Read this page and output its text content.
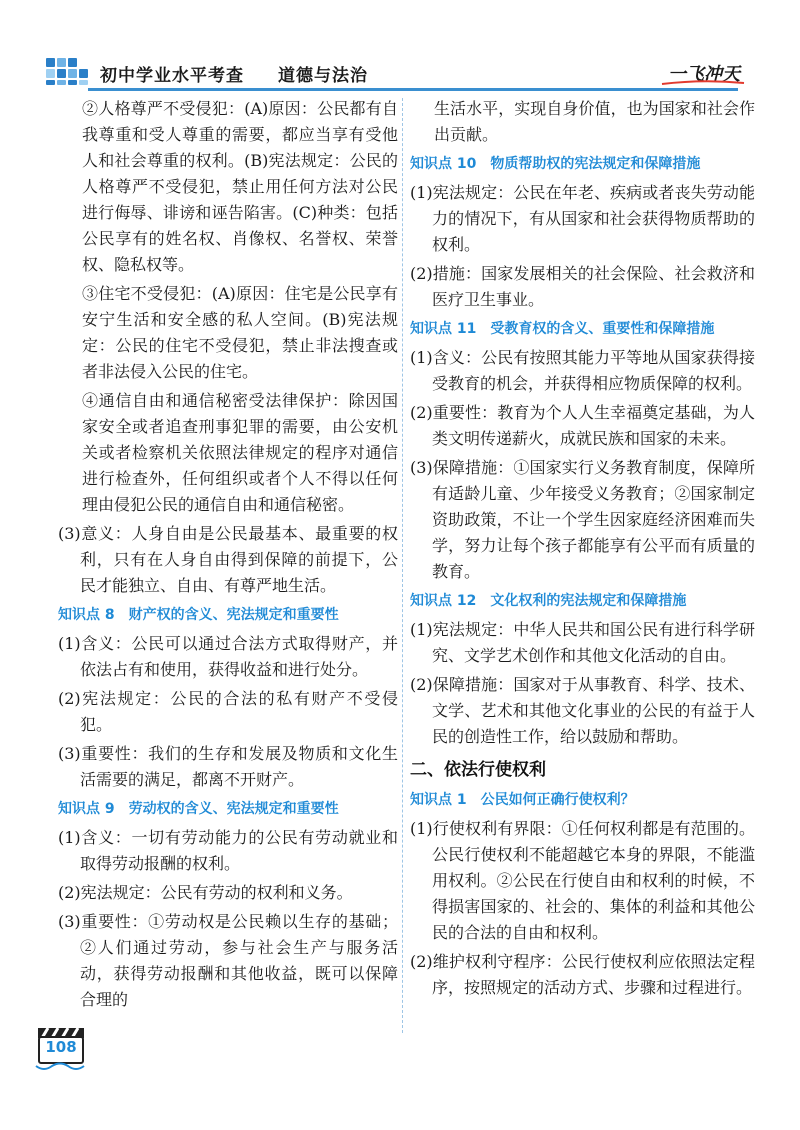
初中学业水平考查 道德与法治	一飞冲天

②人格尊严不受侵犯：(A)原因：公民都有自我尊重和受人尊重的需要，都应当享有受他人和社会尊重的权利。(B)宪法规定：公民的人格尊严不受侵犯，禁止用任何方法对公民进行侮辱、诽谤和诬告陷害。(C)种类：包括公民享有的姓名权、肖像权、名誉权、荣誉权、隐私权等。

③住宅不受侵犯：(A)原因：住宅是公民享有安宁生活和安全感的私人空间。(B)宪法规定：公民的住宅不受侵犯，禁止非法搜查或者非法侵入公民的住宅。

④通信自由和通信秘密受法律保护：除因国家安全或者追查刑事犯罪的需要，由公安机关或者检察机关依照法律规定的程序对通信进行检查外，任何组织或者个人不得以任何理由侵犯公民的通信自由和通信秘密。

(3)意义：人身自由是公民最基本、最重要的权利，只有在人身自由得到保障的前提下，公民才能独立、自由、有尊严地生活。

知识点 8 财产权的含义、宪法规定和重要性

(1)含义：公民可以通过合法方式取得财产，并依法占有和使用，获得收益和进行处分。

(2)宪法规定：公民的合法的私有财产不受侵犯。

(3)重要性：我们的生存和发展及物质和文化生活需要的满足，都离不开财产。

知识点 9 劳动权的含义、宪法规定和重要性

(1)含义：一切有劳动能力的公民有劳动就业和取得劳动报酬的权利。

(2)宪法规定：公民有劳动的权利和义务。

(3)重要性：①劳动权是公民赖以生存的基础；②人们通过劳动，参与社会生产与服务活动，获得劳动报酬和其他收益，既可以保障合理的

生活水平，实现自身价值，也为国家和社会作出贡献。

知识点 10 物质帮助权的宪法规定和保障措施

(1)宪法规定：公民在年老、疾病或者丧失劳动能力的情况下，有从国家和社会获得物质帮助的权利。

(2)措施：国家发展相关的社会保险、社会救济和医疗卫生事业。

知识点 11 受教育权的含义、重要性和保障措施

(1)含义：公民有按照其能力平等地从国家获得接受教育的机会，并获得相应物质保障的权利。

(2)重要性：教育为个人人生幸福奠定基础，为人类文明传递薪火，成就民族和国家的未来。

(3)保障措施：①国家实行义务教育制度，保障所有适龄儿童、少年接受义务教育；②国家制定资助政策，不让一个学生因家庭经济困难而失学，努力让每个孩子都能享有公平而有质量的教育。

知识点 12 文化权利的宪法规定和保障措施

(1)宪法规定：中华人民共和国公民有进行科学研究、文学艺术创作和其他文化活动的自由。

(2)保障措施：国家对于从事教育、科学、技术、文学、艺术和其他文化事业的公民的有益于人民的创造性工作，给以鼓励和帮助。

二、依法行使权利
知识点 1 公民如何正确行使权利？

(1)行使权利有界限：①任何权利都是有范围的。公民行使权利不能超越它本身的界限，不能滥用权利。②公民在行使自由和权利的时候，不得损害国家的、社会的、集体的利益和其他公民的合法的自由和权利。

(2)维护权利守程序：公民行使权利应依照法定程序，按照规定的活动方式、步骤和过程进行。

108
